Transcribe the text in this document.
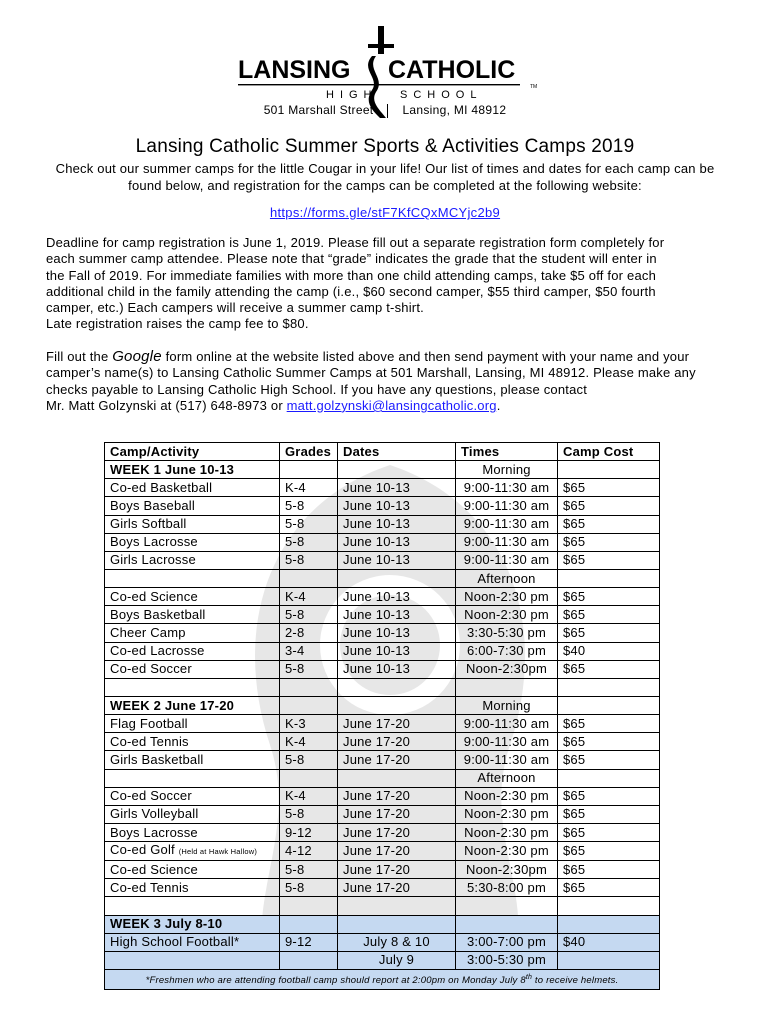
LANSING CATHOLIC
TM
HIGH SCHOOL
501 Marshall Street Lansing, MI 48912
Lansing Catholic Summer Sports & Activities Camps 2019
Check out our summer camps for the little Cougar in your life! Our list of times and dates for each camp can be found below, and registration for the camps can be completed at the following website:
https://forms.gle/stF7KfCQxMCYjc2b9
Deadline for camp registration is June 1, 2019. Please fill out a separate registration form completely for
each summer camp attendee. Please note that “grade” indicates the grade that the student will enter in
the Fall of 2019. For immediate families with more than one child attending camps, take $5 off for each
additional child in the family attending the camp (i.e., $60 second camper, $55 third camper, $50 fourth
camper, etc.) Each campers will receive a summer camp t-shirt.
Late registration raises the camp fee to $80.
Fill out the Google form online at the website listed above and then send payment with your name and your
camper’s name(s) to Lansing Catholic Summer Camps at 501 Marshall, Lansing, MI 48912. Please make any
checks payable to Lansing Catholic High School. If you have any questions, please contact
Mr. Matt Golzynski at (517) 648-8973 or matt.golzynski@lansingcatholic.org.
Camp/Activity	Grades	Dates	Times	Camp Cost
WEEK 1 June 10-13			Morning	
Co-ed Basketball	K-4	June 10-13	9:00-11:30 am	$65
Boys Baseball	5-8	June 10-13	9:00-11:30 am	$65
Girls Softball	5-8	June 10-13	9:00-11:30 am	$65
Boys Lacrosse	5-8	June 10-13	9:00-11:30 am	$65
Girls Lacrosse	5-8	June 10-13	9:00-11:30 am	$65
			Afternoon	
Co-ed Science	K-4	June 10-13	Noon-2:30 pm	$65
Boys Basketball	5-8	June 10-13	Noon-2:30 pm	$65
Cheer Camp	2-8	June 10-13	3:30-5:30 pm	$65
Co-ed Lacrosse	3-4	June 10-13	6:00-7:30 pm	$40
Co-ed Soccer	5-8	June 10-13	Noon-2:30pm	$65

WEEK 2 June 17-20			Morning	
Flag Football	K-3	June 17-20	9:00-11:30 am	$65
Co-ed Tennis	K-4	June 17-20	9:00-11:30 am	$65
Girls Basketball	5-8	June 17-20	9:00-11:30 am	$65
			Afternoon	
Co-ed Soccer	K-4	June 17-20	Noon-2:30 pm	$65
Girls Volleyball	5-8	June 17-20	Noon-2:30 pm	$65
Boys Lacrosse	9-12	June 17-20	Noon-2:30 pm	$65
Co-ed Golf (Held at Hawk Hallow)	4-12	June 17-20	Noon-2:30 pm	$65
Co-ed Science	5-8	June 17-20	Noon-2:30pm	$65
Co-ed Tennis	5-8	June 17-20	5:30-8:00 pm	$65

WEEK 3 July 8-10				
High School Football*	9-12	July 8 & 10	3:00-7:00 pm	$40
		July 9	3:00-5:30 pm	
*Freshmen who are attending football camp should report at 2:00pm on Monday July 8th to receive helmets.				
